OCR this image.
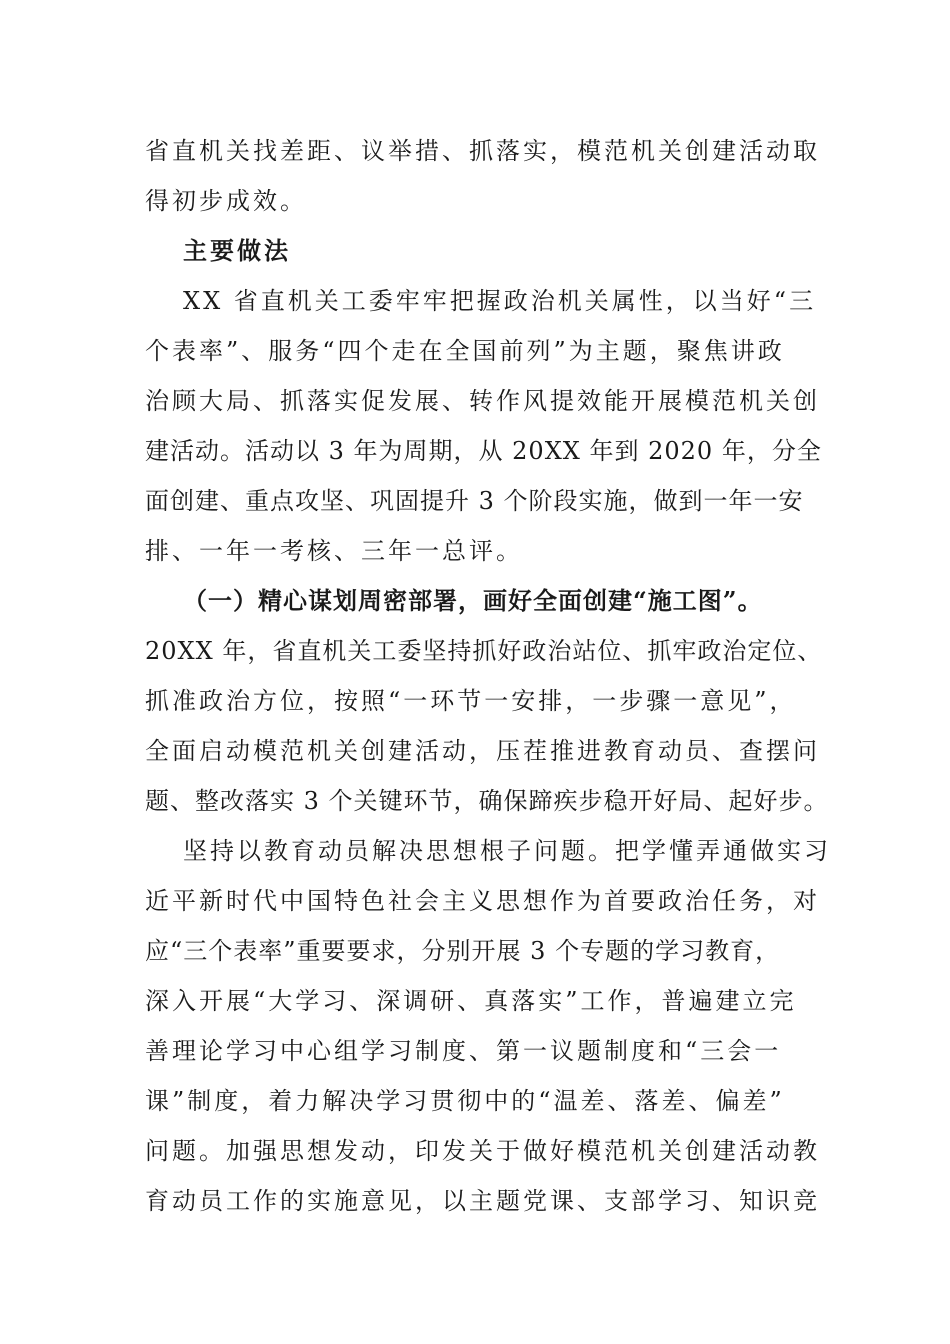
省直机关找差距、议举措、抓落实，模范机关创建活动取
得初步成效。
主要做法
XX 省直机关工委牢牢把握政治机关属性，以当好“三
个表率”、服务“四个走在全国前列”为主题，聚焦讲政
治顾大局、抓落实促发展、转作风提效能开展模范机关创
建活动。活动以 3 年为周期，从 20XX 年到 2020 年，分全
面创建、重点攻坚、巩固提升 3 个阶段实施，做到一年一安
排、一年一考核、三年一总评。
（一）精心谋划周密部署，画好全面创建“施工图”。
20XX 年，省直机关工委坚持抓好政治站位、抓牢政治定位、
抓准政治方位，按照“一环节一安排，一步骤一意见”，
全面启动模范机关创建活动，压茬推进教育动员、查摆问
题、整改落实 3 个关键环节，确保蹄疾步稳开好局、起好步。
坚持以教育动员解决思想根子问题。把学懂弄通做实习
近平新时代中国特色社会主义思想作为首要政治任务，对
应“三个表率”重要要求，分别开展 3 个专题的学习教育，
深入开展“大学习、深调研、真落实”工作，普遍建立完
善理论学习中心组学习制度、第一议题制度和“三会一
课”制度，着力解决学习贯彻中的“温差、落差、偏差”
问题。加强思想发动，印发关于做好模范机关创建活动教
育动员工作的实施意见，以主题党课、支部学习、知识竞
